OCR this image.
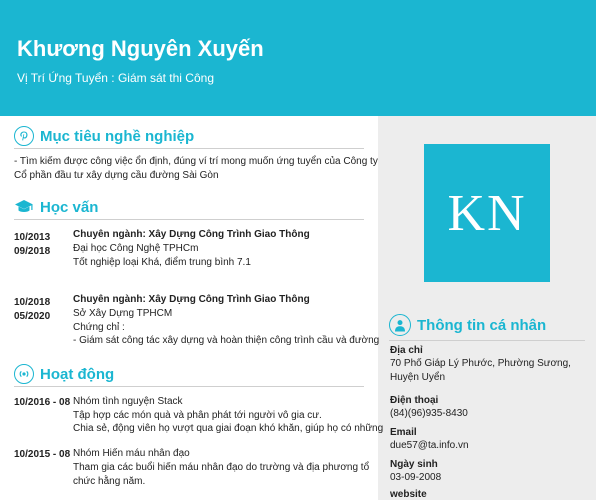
Khương Nguyên Xuyến
Vị Trí Ứng Tuyển : Giám sát thi Công
KN
Mục tiêu nghề nghiệp
- Tìm kiếm được công việc ổn định, đúng ví trí mong muốn ứng tuyển của Công ty
Cổ phần đầu tư xây dựng cầu đường Sài Gòn
Học vấn
10/2013
09/2018
Chuyên ngành: Xây Dựng Công Trình Giao Thông
Đại học Công Nghệ TPHCm
Tốt nghiệp loại Khá, điểm trung bình 7.1
10/2018
05/2020
Chuyên ngành: Xây Dựng Công Trình Giao Thông
Sở Xây Dựng TPHCM
Chứng chỉ :
- Giám sát công tác xây dựng và hoàn thiện công trình cầu và đường
Hoạt động
10/2016 - 08 Nhóm tình nguyện Stack
Tập hợp các món quà và phân phát tới người vô gia cư.
Chia sẻ, động viên họ vượt qua giai đoạn khó khăn, giúp họ có những
10/2015 - 08 Nhóm Hiến máu nhân đạo
Tham gia các buổi hiến máu nhân đạo do trường và địa phương tổ
chức hằng năm.
Thông tin cá nhân
Địa chỉ
70 Phố Giáp Lý Phước, Phường Sương,
Huyện Uyển
Điện thoại
(84)(96)935-8430
Email
due57@ta.info.vn
Ngày sinh
03-09-2008
website
